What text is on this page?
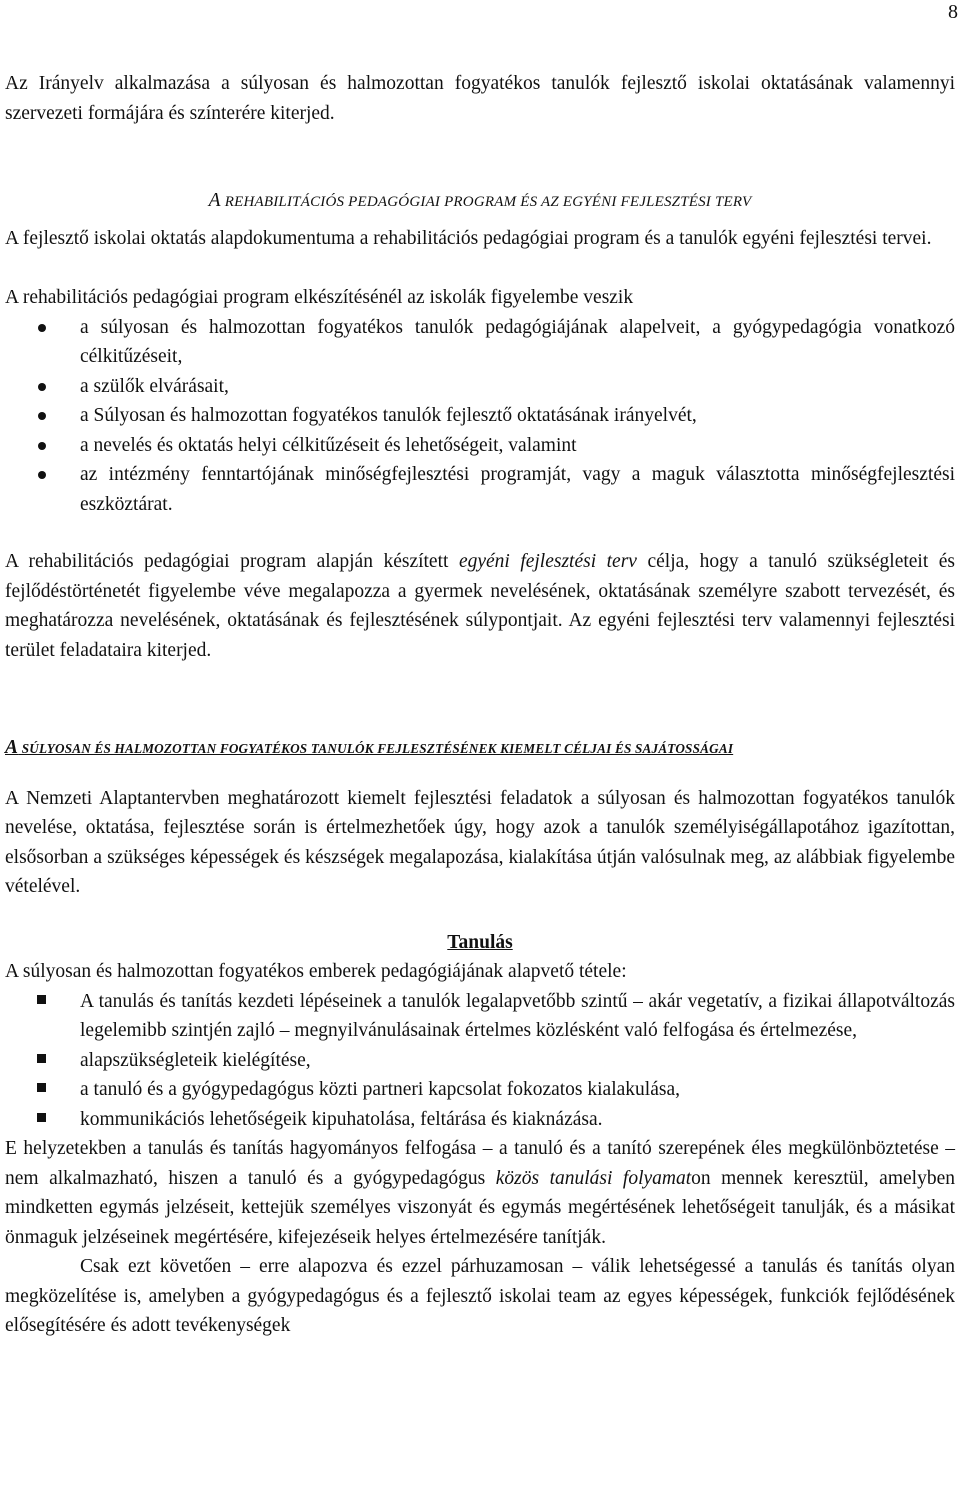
8

Az Irányelv alkalmazása a súlyosan és halmozottan fogyatékos tanulók fejlesztő iskolai oktatásának valamennyi szervezeti formájára és színterére kiterjed.

A REHABILITÁCIÓS PEDAGÓGIAI PROGRAM ÉS AZ EGYÉNI FEJLESZTÉSI TERV

A fejlesztő iskolai oktatás alapdokumentuma a rehabilitációs pedagógiai program és a tanulók egyéni fejlesztési tervei.

A rehabilitációs pedagógiai program elkészítésénél az iskolák figyelembe veszik

a súlyosan és halmozottan fogyatékos tanulók pedagógiájának alapelveit, a gyógypedagógia vonatkozó célkitűzéseit,
a szülők elvárásait,
a Súlyosan és halmozottan fogyatékos tanulók fejlesztő oktatásának irányelvét,
a nevelés és oktatás helyi célkitűzéseit és lehetőségeit, valamint
az intézmény fenntartójának minőségfejlesztési programját, vagy a maguk választotta minőségfejlesztési eszköztárat.

A rehabilitációs pedagógiai program alapján készített egyéni fejlesztési terv célja, hogy a tanuló szükségleteit és fejlődéstörténetét figyelembe véve megalapozza a gyermek nevelésének, oktatásának személyre szabott tervezését, és meghatározza nevelésének, oktatásának és fejlesztésének súlypontjait. Az egyéni fejlesztési terv valamennyi fejlesztési terület feladataira kiterjed.

A SÚLYOSAN ÉS HALMOZOTTAN FOGYATÉKOS TANULÓK FEJLESZTÉSÉNEK KIEMELT CÉLJAI ÉS SAJÁTOSSÁGAI

A Nemzeti Alaptantervben meghatározott kiemelt fejlesztési feladatok a súlyosan és halmozottan fogyatékos tanulók nevelése, oktatása, fejlesztése során is értelmezhetőek úgy, hogy azok a tanulók személyiségállapotához igazítottan, elsősorban a szükséges képességek és készségek megalapozása, kialakítása útján valósulnak meg, az alábbiak figyelembe vételével.

Tanulás

A súlyosan és halmozottan fogyatékos emberek pedagógiájának alapvető tétele:

A tanulás és tanítás kezdeti lépéseinek a tanulók legalapvetőbb szintű – akár vegetatív, a fizikai állapotváltozás legelemibb szintjén zajló – megnyilvánulásainak értelmes közlésként való felfogása és értelmezése,
alapszükségleteik kielégítése,
a tanuló és a gyógypedagógus közti partneri kapcsolat fokozatos kialakulása,
kommunikációs lehetőségeik kipuhatolása, feltárása és kiaknázása.

E helyzetekben a tanulás és tanítás hagyományos felfogása – a tanuló és a tanító szerepének éles megkülönböztetése – nem alkalmazható, hiszen a tanuló és a gyógypedagógus közös tanulási folyamaton mennek keresztül, amelyben mindketten egymás jelzéseit, kettejük személyes viszonyát és egymás megértésének lehetőségeit tanulják, és a másikat önmaguk jelzéseinek megértésére, kifejezéseik helyes értelmezésére tanítják.

Csak ezt követően – erre alapozva és ezzel párhuzamosan – válik lehetségessé a tanulás és tanítás olyan megközelítése is, amelyben a gyógypedagógus és a fejlesztő iskolai team az egyes képességek, funkciók fejlődésének elősegítésére és adott tevékenységek
